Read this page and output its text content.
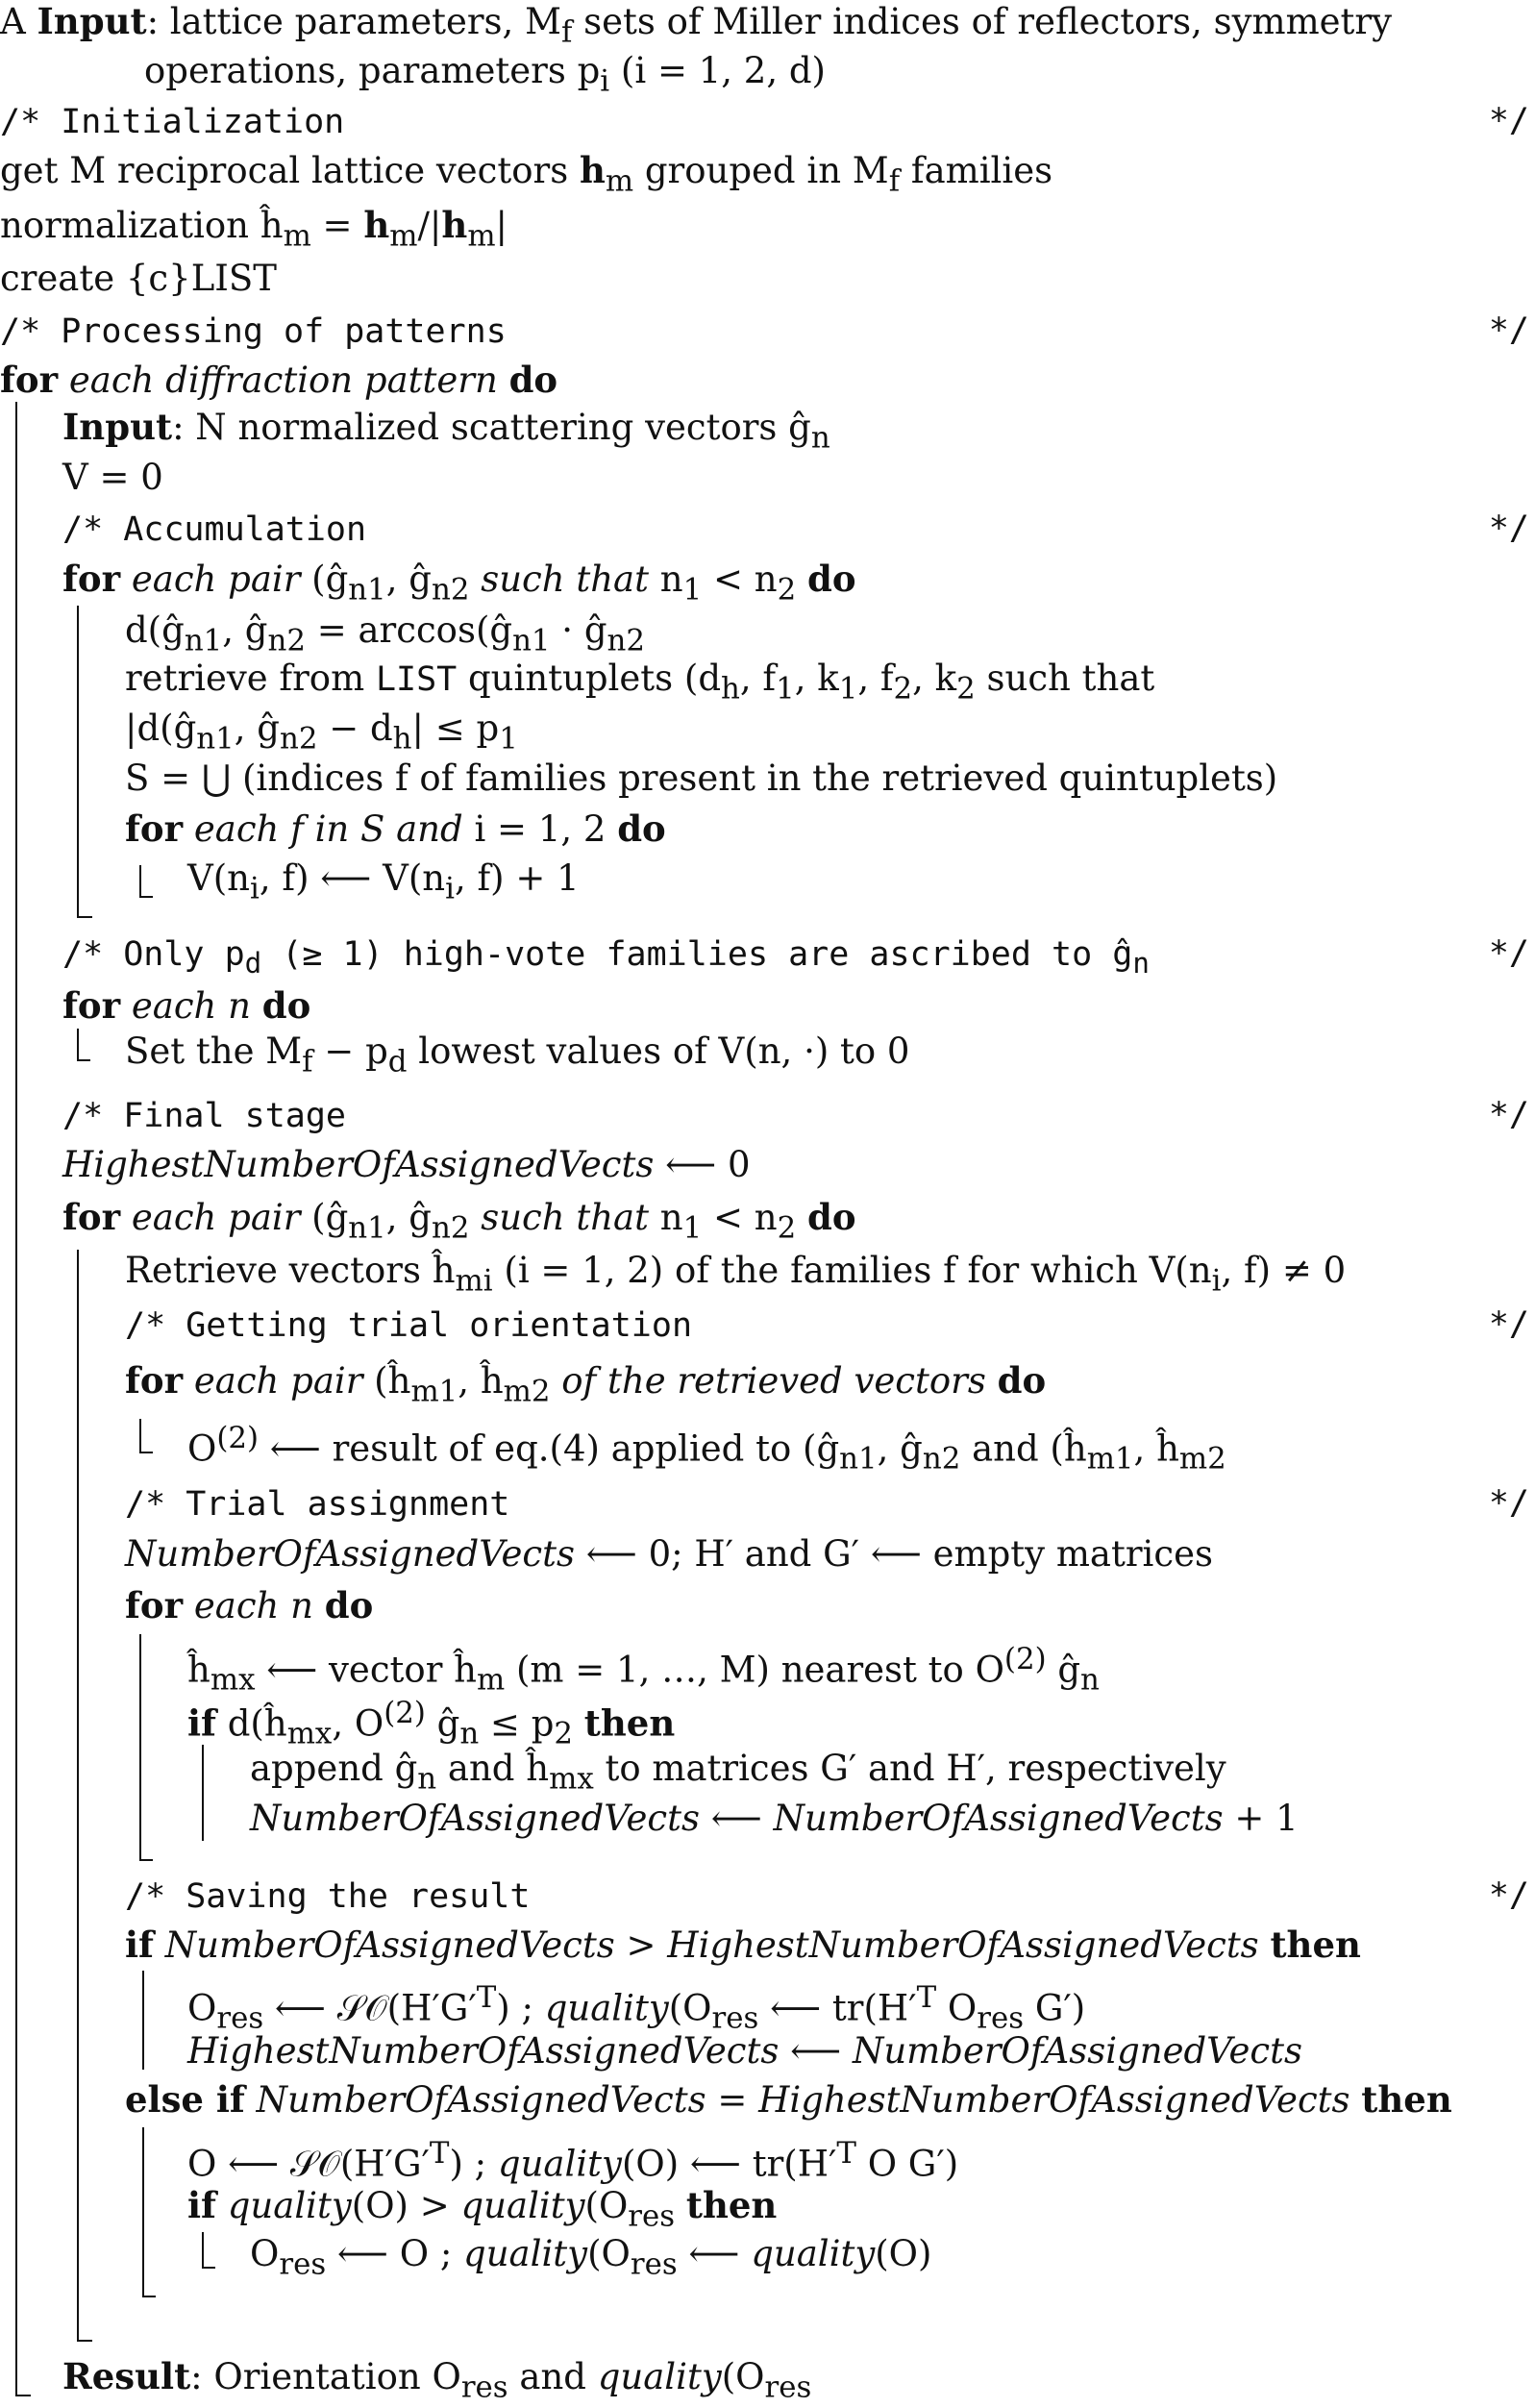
A Input: lattice parameters, $M_f$ sets of Miller indices of reflectors, symmetry
operations, parameters $p_i$ (i = 1, 2, d)
/* Initialization	*/
get M reciprocal lattice vectors $h_m$ grouped in $M_f$ families
normalization $ĥ_m = h_m/|h_m|$
create {c}LIST
/* Processing of patterns	*/
for each diffraction pattern do
Input: N normalized scattering vectors $ĝ_n$
V = 0
/* Accumulation	*/
for each pair ($ĝ_{n1}$, $ĝ_{n2}$ such that $n_1 < n_2$ do
$d(ĝ_{n1}$, $ĝ_{n2}$ = $\arccos(ĝ_{n1}$ · $ĝ_{n2}$
retrieve from LIST quintuplets ($d_h$, $f_1$, $k_1$, $f_2$, $k_2$ such that
$|d(ĝ_{n1}$, $ĝ_{n2} - d_h| \le p_1$
S = ⋃ (indices f of families present in the retrieved quintuplets)
for each f in S and i = 1, 2 do
$V(n_i$, f) ⟵ $V(n_i$, f) + 1
/* Only $p_d$ (≥ 1) high-vote families are ascribed to $ĝ_n$	*/
for each n do
Set the $M_f - p_d$ lowest values of V(n, ·) to 0
/* Final stage	*/
HighestNumberOfAssignedVects ⟵ 0
for each pair ($ĝ_{n1}$, $ĝ_{n2}$ such that $n_1 < n_2$ do
Retrieve vectors $ĥ_{mi}$ (i = 1, 2) of the families f for which $V(n_i$, f) ≠ 0
/* Getting trial orientation	*/
for each pair ($ĥ_{m1}$, $ĥ_{m2}$ of the retrieved vectors do
$O^{(2)}$ ⟵ result of eq.(4) applied to ($ĝ_{n1}$, $ĝ_{n2}$ and ($ĥ_{m1}$, $ĥ_{m2}$
/* Trial assignment	*/
NumberOfAssignedVects ⟵ 0; H′ and G′ ⟵ empty matrices
for each n do
$ĥ_{mx}$ ⟵ vector $ĥ_m$ (m = 1, …, M) nearest to $O^{(2)}$ $ĝ_n$
if $d(ĥ_{mx}$, $O^{(2)}$ $ĝ_n \le p_2$ then
append $ĝ_n$ and $ĥ_{mx}$ to matrices G′ and H′, respectively
NumberOfAssignedVects ⟵ NumberOfAssignedVects + 1
/* Saving the result	*/
if NumberOfAssignedVects > HighestNumberOfAssignedVects then
$O_{res}$ ⟵ $𝒮𝒪(H'G'^T)$ ; $quality(O_{res}$ ⟵ $tr(H'^T$ $O_{res}$ G′)
HighestNumberOfAssignedVects ⟵ NumberOfAssignedVects
else if NumberOfAssignedVects = HighestNumberOfAssignedVects then
O ⟵ $𝒮𝒪(H'G'^T)$ ; quality(O) ⟵ $tr(H'^T$ O G′)
if quality(O) > $quality(O_{res}$ then
$O_{res}$ ⟵ O ; $quality(O_{res}$ ⟵ quality(O)
Result: Orientation $O_{res}$ and $quality(O_{res}$
